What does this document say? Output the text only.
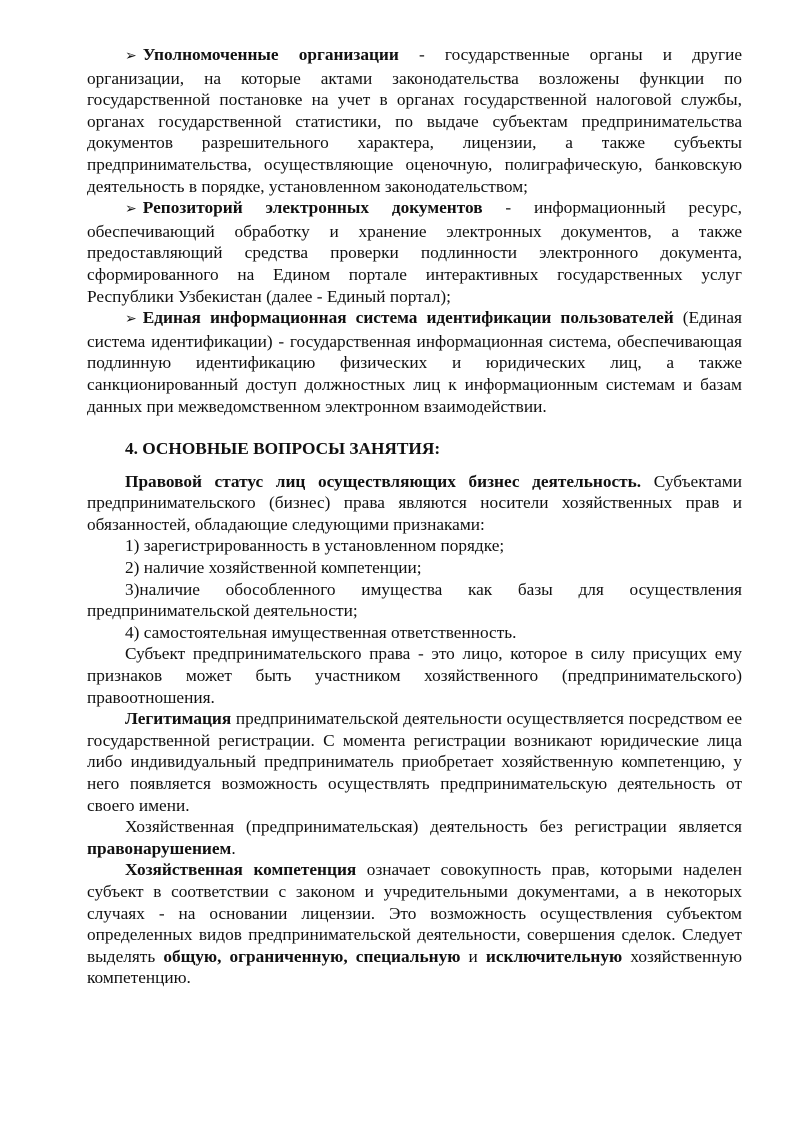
➢ Уполномоченные организации - государственные органы и другие организации, на которые актами законодательства возложены функции по государственной постановке на учет в органах государственной налоговой службы, органах государственной статистики, по выдаче субъектам предпринимательства документов разрешительного характера, лицензии, а также субъекты предпринимательства, осуществляющие оценочную, полиграфическую, банковскую деятельность в порядке, установленном законодательством;

➢ Репозиторий электронных документов - информационный ресурс, обеспечивающий обработку и хранение электронных документов, а также предоставляющий средства проверки подлинности электронного документа, сформированного на Едином портале интерактивных государственных услуг Республики Узбекистан (далее - Единый портал);

➢ Единая информационная система идентификации пользователей (Единая система идентификации) - государственная информационная система, обеспечивающая подлинную идентификацию физических и юридических лиц, а также санкционированный доступ должностных лиц к информационным системам и базам данных при межведомственном электронном взаимодействии.

4. ОСНОВНЫЕ ВОПРОСЫ ЗАНЯТИЯ:

Правовой статус лиц осуществляющих бизнес деятельность. Субъектами предпринимательского (бизнес) права являются носители хозяйственных прав и обязанностей, обладающие следующими признаками:

1) зарегистрированность в установленном порядке;

2) наличие хозяйственной компетенции;

3)наличие обособленного имущества как базы для осуществления предпринимательской деятельности;

4) самостоятельная имущественная ответственность.

Субъект предпринимательского права - это лицо, которое в силу присущих ему признаков может быть участником хозяйственного (предпринимательского) правоотношения.

Легитимация предпринимательской деятельности осуществляется посредством ее государственной регистрации. С момента регистрации возникают юридические лица либо индивидуальный предприниматель приобретает хозяйственную компетенцию, у него появляется возможность осуществлять предпринимательскую деятельность от своего имени.

Хозяйственная (предпринимательская) деятельность без регистрации является правонарушением.

Хозяйственная компетенция означает совокупность прав, которыми наделен субъект в соответствии с законом и учредительными документами, а в некоторых случаях - на основании лицензии. Это возможность осуществления субъектом определенных видов предпринимательской деятельности, совершения сделок. Следует выделять общую, ограниченную, специальную и исключительную хозяйственную компетенцию.
